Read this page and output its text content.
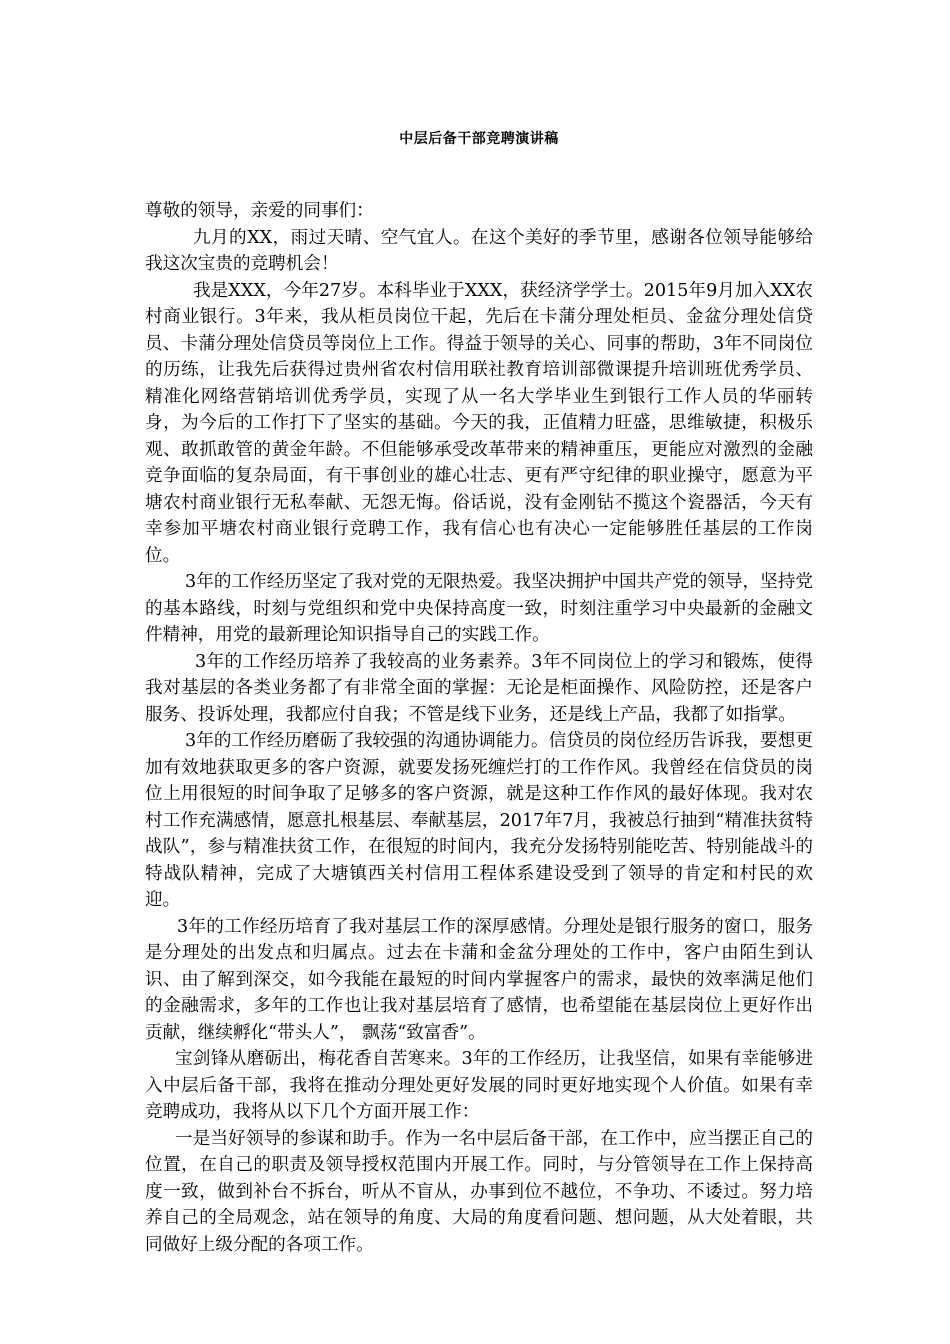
中层后备干部竞聘演讲稿

尊敬的领导，亲爱的同事们：

九月的XX，雨过天晴、空气宜人。在这个美好的季节里，感谢各位领导能够给我这次宝贵的竞聘机会！

我是XXX，今年27岁。本科毕业于XXX，获经济学学士。2015年9月加入XX农村商业银行。3年来，我从柜员岗位干起，先后在卡蒲分理处柜员、金盆分理处信贷员、卡蒲分理处信贷员等岗位上工作。得益于领导的关心、同事的帮助，3年不同岗位的历练，让我先后获得过贵州省农村信用联社教育培训部微课提升培训班优秀学员、精准化网络营销培训优秀学员，实现了从一名大学毕业生到银行工作人员的华丽转身，为今后的工作打下了坚实的基础。今天的我，正值精力旺盛，思维敏捷，积极乐观、敢抓敢管的黄金年龄。不但能够承受改革带来的精神重压，更能应对激烈的金融竞争面临的复杂局面，有干事创业的雄心壮志、更有严守纪律的职业操守，愿意为平塘农村商业银行无私奉献、无怨无悔。俗话说，没有金刚钻不揽这个瓷器活，今天有幸参加平塘农村商业银行竞聘工作，我有信心也有决心一定能够胜任基层的工作岗位。

3年的工作经历坚定了我对党的无限热爱。我坚决拥护中国共产党的领导，坚持党的基本路线，时刻与党组织和党中央保持高度一致，时刻注重学习中央最新的金融文件精神，用党的最新理论知识指导自己的实践工作。

3年的工作经历培养了我较高的业务素养。3年不同岗位上的学习和锻炼，使得我对基层的各类业务都了有非常全面的掌握：无论是柜面操作、风险防控，还是客户服务、投诉处理，我都应付自我；不管是线下业务，还是线上产品，我都了如指掌。

3年的工作经历磨砺了我较强的沟通协调能力。信贷员的岗位经历告诉我，要想更加有效地获取更多的客户资源，就要发扬死缠烂打的工作作风。我曾经在信贷员的岗位上用很短的时间争取了足够多的客户资源，就是这种工作作风的最好体现。我对农村工作充满感情，愿意扎根基层、奉献基层，2017年7月，我被总行抽到“精准扶贫特战队”，参与精准扶贫工作，在很短的时间内，我充分发扬特别能吃苦、特别能战斗的特战队精神，完成了大塘镇西关村信用工程体系建设受到了领导的肯定和村民的欢迎。

3年的工作经历培育了我对基层工作的深厚感情。分理处是银行服务的窗口，服务是分理处的出发点和归属点。过去在卡蒲和金盆分理处的工作中，客户由陌生到认识、由了解到深交，如今我能在最短的时间内掌握客户的需求，最快的效率满足他们的金融需求，多年的工作也让我对基层培育了感情，也希望能在基层岗位上更好作出贡献，继续孵化“带头人”， 飘荡“致富香”。

宝剑锋从磨砺出，梅花香自苦寒来。3年的工作经历，让我坚信，如果有幸能够进入中层后备干部，我将在推动分理处更好发展的同时更好地实现个人价值。如果有幸竞聘成功，我将从以下几个方面开展工作：

一是当好领导的参谋和助手。作为一名中层后备干部，在工作中，应当摆正自己的位置，在自己的职责及领导授权范围内开展工作。同时，与分管领导在工作上保持高度一致，做到补台不拆台，听从不盲从，办事到位不越位，不争功、不诿过。努力培养自己的全局观念，站在领导的角度、大局的角度看问题、想问题，从大处着眼，共同做好上级分配的各项工作。
